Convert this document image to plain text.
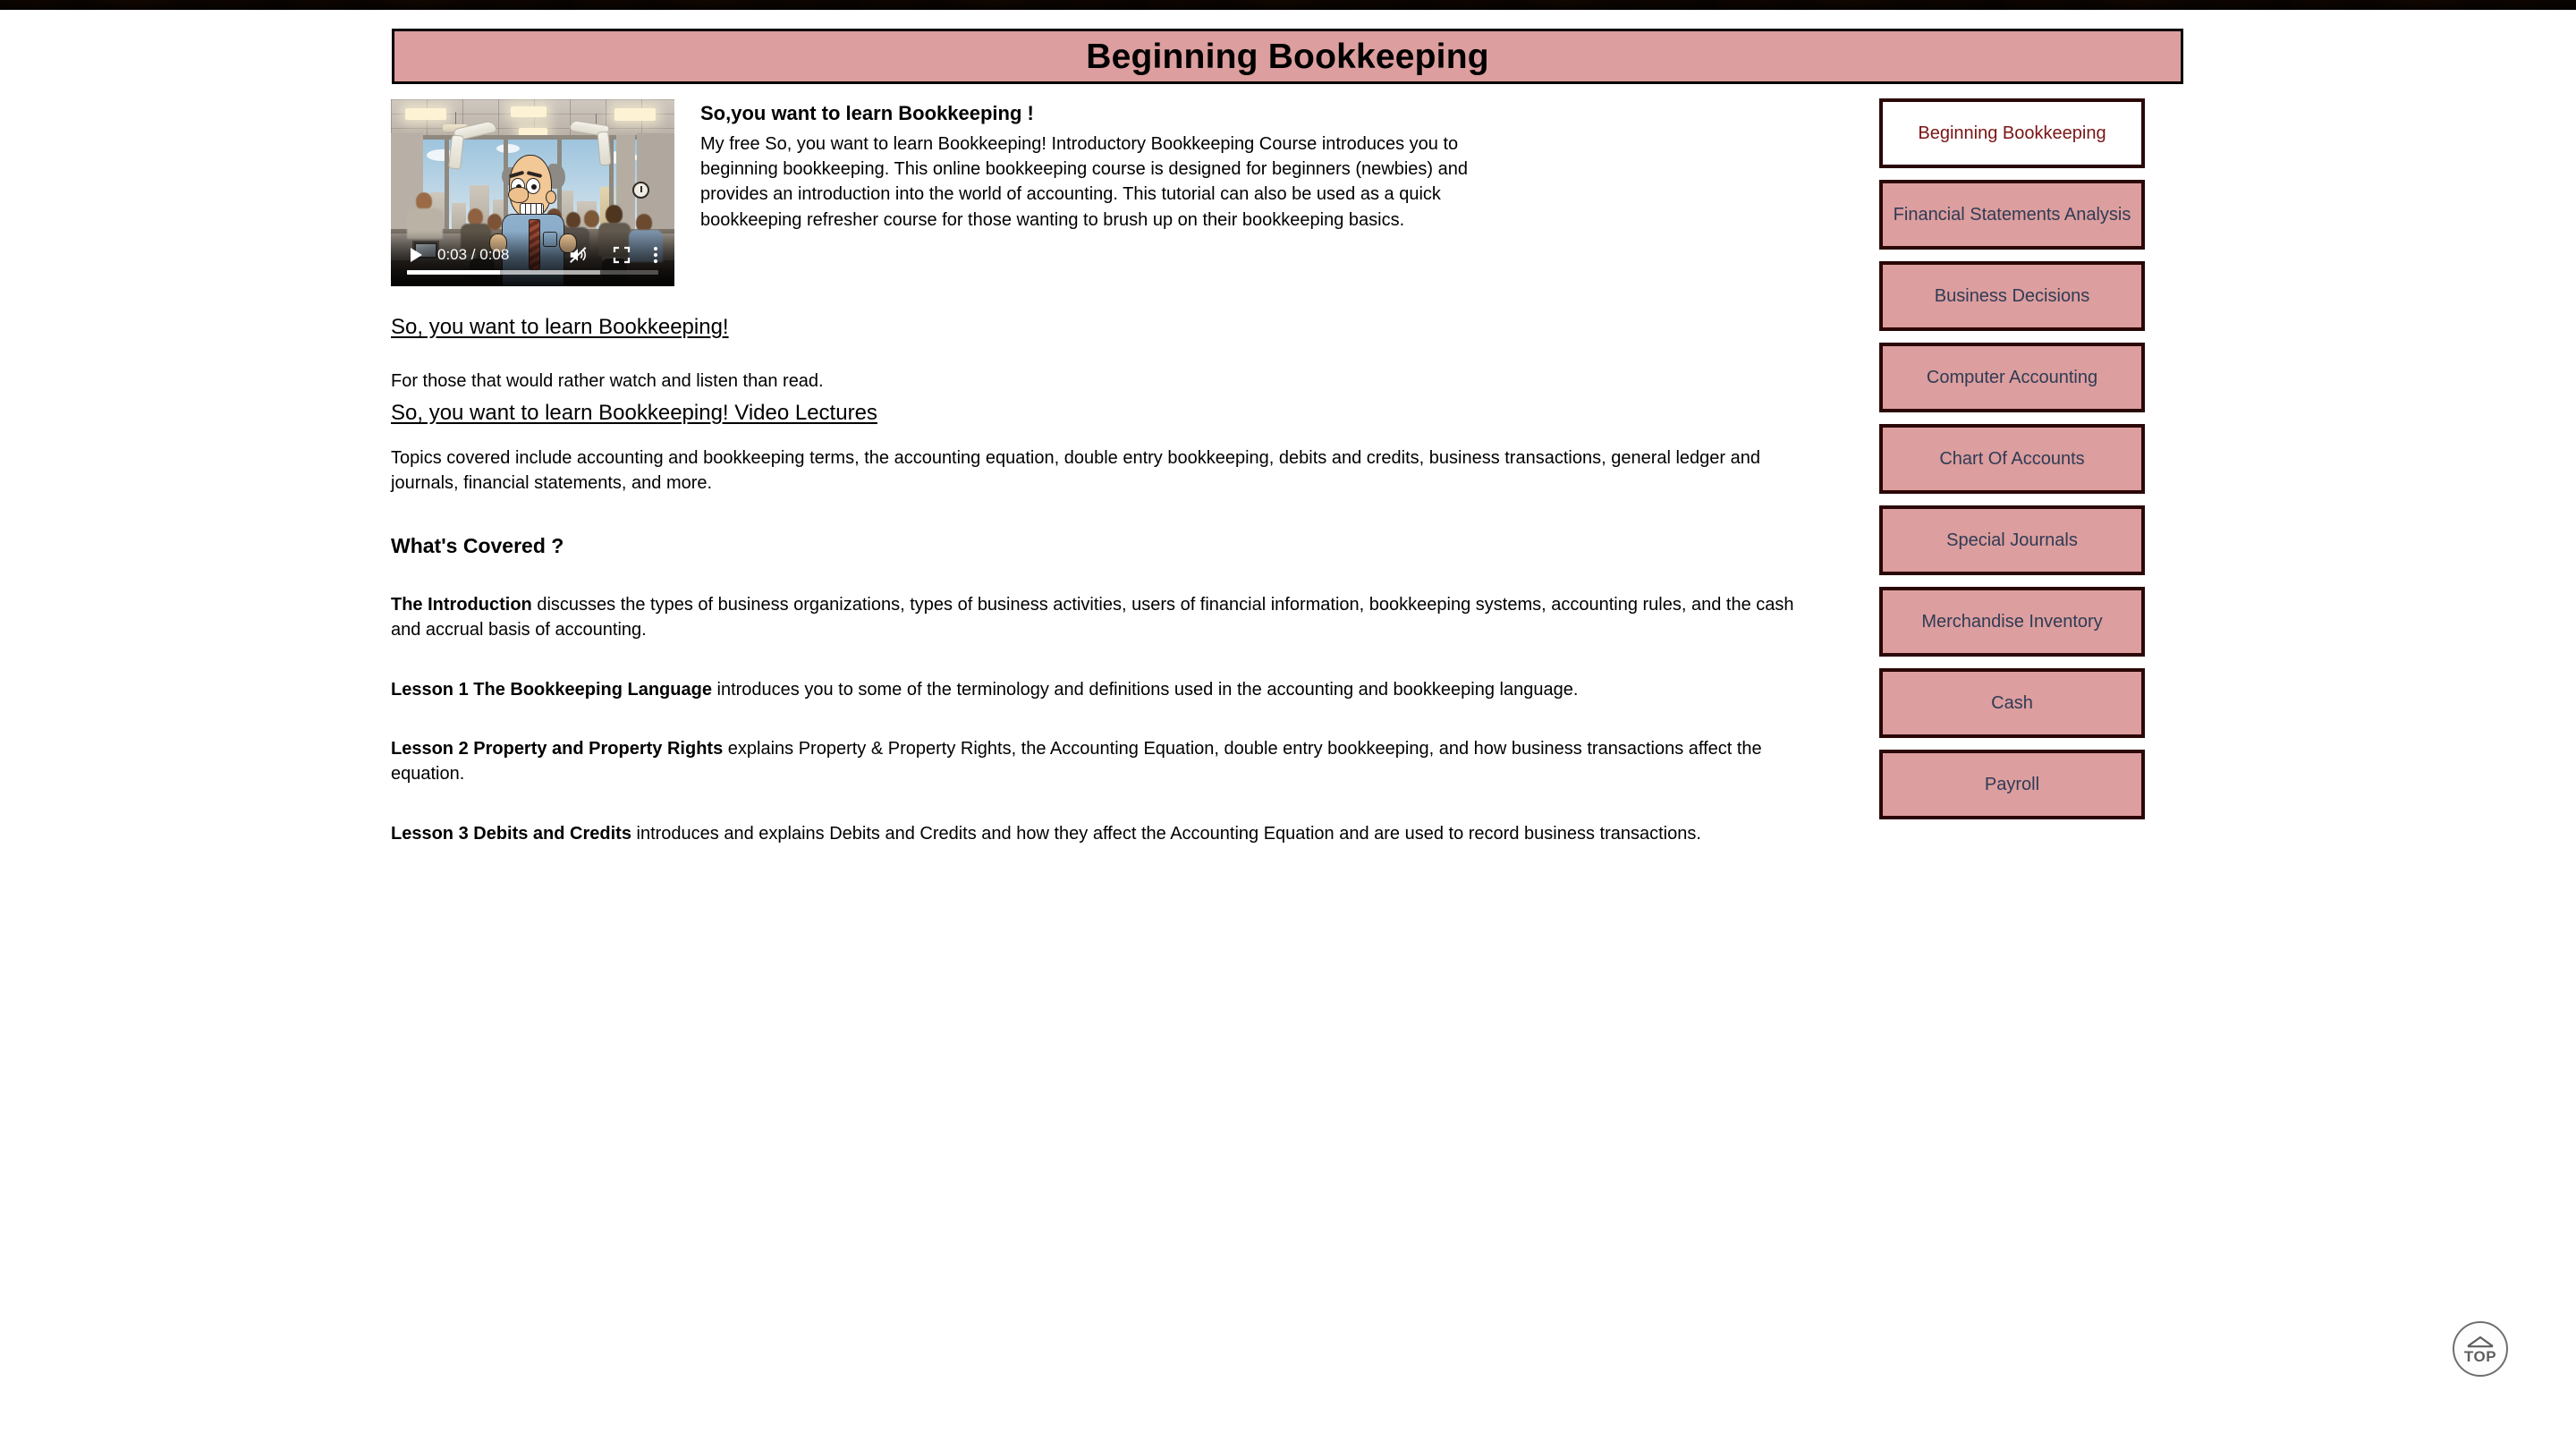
Beginning Bookkeeping
0:03 / 0:08
So,you want to learn Bookkeeping !

My free So, you want to learn Bookkeeping! Introductory Bookkeeping Course introduces you to beginning bookkeeping. This online bookkeeping course is designed for beginners (newbies) and provides an introduction into the world of accounting. This tutorial can also be used as a quick bookkeeping refresher course for those wanting to brush up on their bookkeeping basics.

So, you want to learn Bookkeeping!

For those that would rather watch and listen than read.

So, you want to learn Bookkeeping! Video Lectures

Topics covered include accounting and bookkeeping terms, the accounting equation, double entry bookkeeping, debits and credits, business transactions, general ledger and journals, financial statements, and more.

What's Covered ?

The Introduction discusses the types of business organizations, types of business activities, users of financial information, bookkeeping systems, accounting rules, and the cash and accrual basis of accounting.

Lesson 1 The Bookkeeping Language introduces you to some of the terminology and definitions used in the accounting and bookkeeping language.

Lesson 2 Property and Property Rights explains Property & Property Rights, the Accounting Equation, double entry bookkeeping, and how business transactions affect the equation.

Lesson 3 Debits and Credits introduces and explains Debits and Credits and how they affect the Accounting Equation and are used to record business transactions.

Beginning Bookkeeping
Financial Statements Analysis
Business Decisions
Computer Accounting
Chart Of Accounts
Special Journals
Merchandise Inventory
Cash
Payroll
TOP
